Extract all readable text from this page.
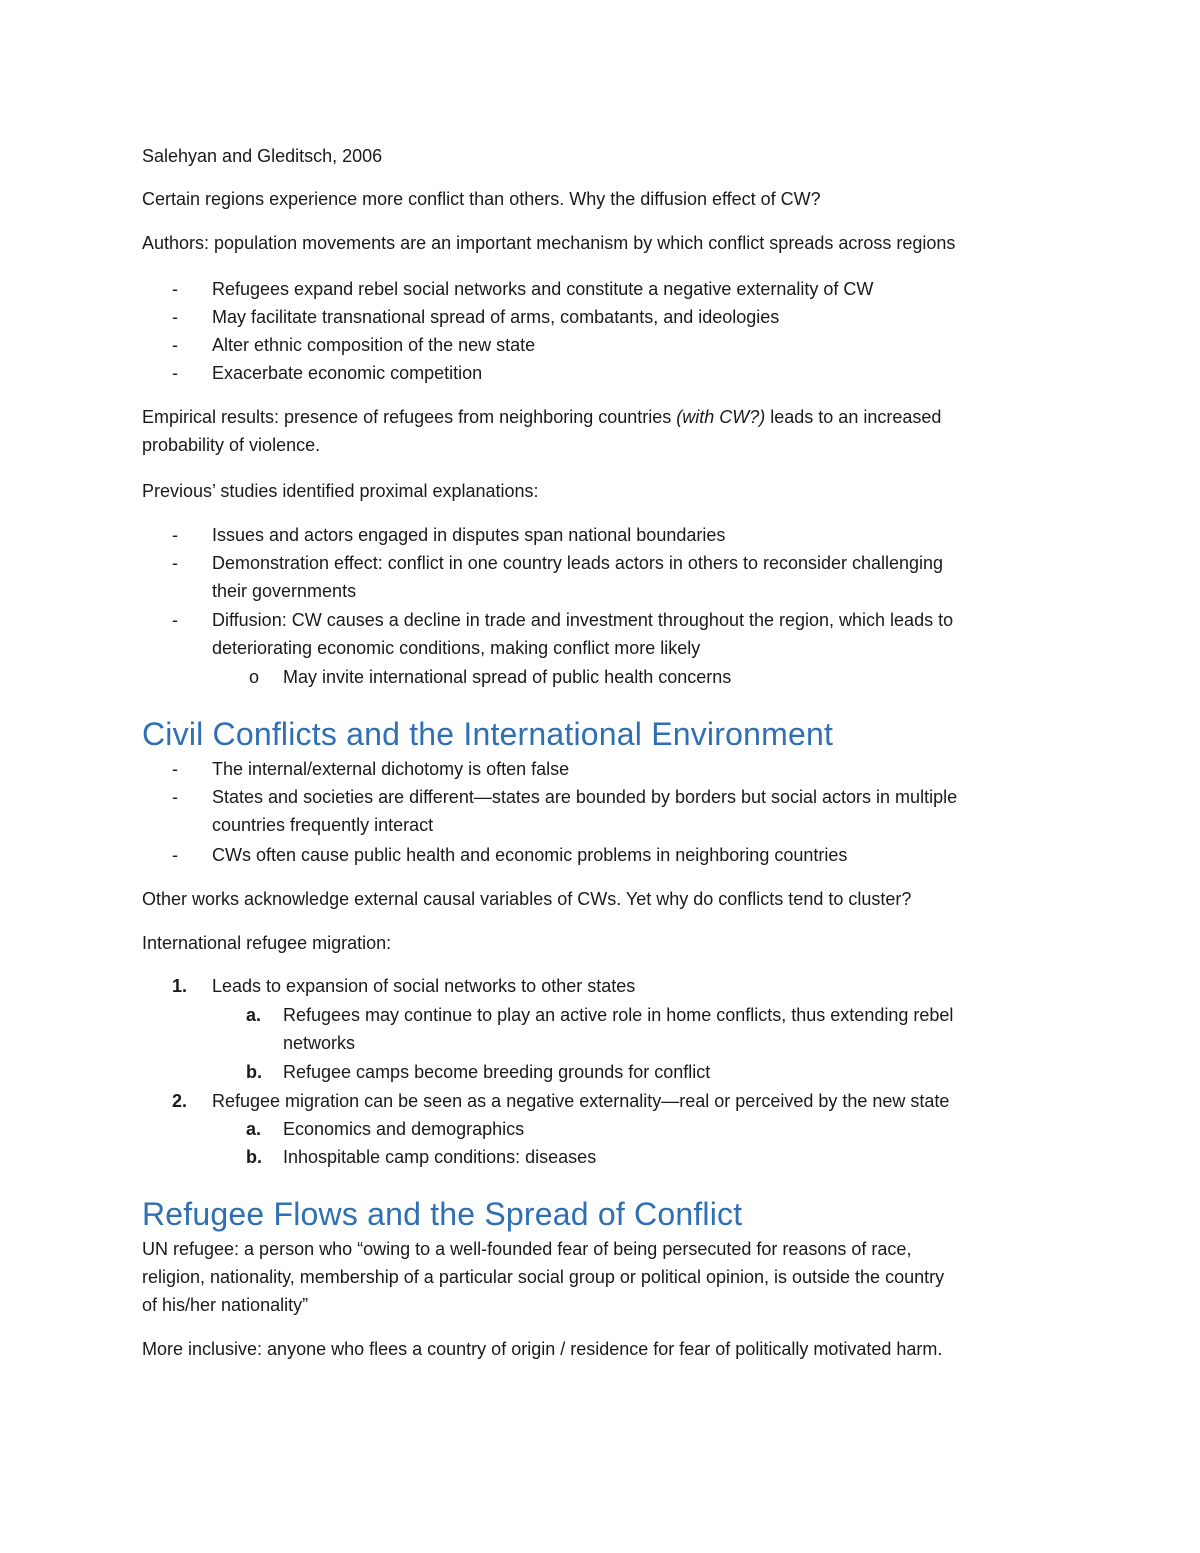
Salehyan and Gleditsch, 2006
Certain regions experience more conflict than others. Why the diffusion effect of CW?
Authors: population movements are an important mechanism by which conflict spreads across regions
-	Refugees expand rebel social networks and constitute a negative externality of CW
-	May facilitate transnational spread of arms, combatants, and ideologies
-	Alter ethnic composition of the new state
-	Exacerbate economic competition
Empirical results: presence of refugees from neighboring countries (with CW?) leads to an increased
probability of violence.
Previous’ studies identified proximal explanations:
-	Issues and actors engaged in disputes span national boundaries
-	Demonstration effect: conflict in one country leads actors in others to reconsider challenging
their governments
-	Diffusion: CW causes a decline in trade and investment throughout the region, which leads to
deteriorating economic conditions, making conflict more likely
o	May invite international spread of public health concerns
Civil Conflicts and the International Environment
-	The internal/external dichotomy is often false
-	States and societies are different—states are bounded by borders but social actors in multiple
countries frequently interact
-	CWs often cause public health and economic problems in neighboring countries
Other works acknowledge external causal variables of CWs. Yet why do conflicts tend to cluster?
International refugee migration:
1.	Leads to expansion of social networks to other states
a.	Refugees may continue to play an active role in home conflicts, thus extending rebel
networks
b.	Refugee camps become breeding grounds for conflict
2.	Refugee migration can be seen as a negative externality—real or perceived by the new state
a.	Economics and demographics
b.	Inhospitable camp conditions: diseases
Refugee Flows and the Spread of Conflict
UN refugee: a person who “owing to a well-founded fear of being persecuted for reasons of race,
religion, nationality, membership of a particular social group or political opinion, is outside the country
of his/her nationality”
More inclusive: anyone who flees a country of origin / residence for fear of politically motivated harm.
